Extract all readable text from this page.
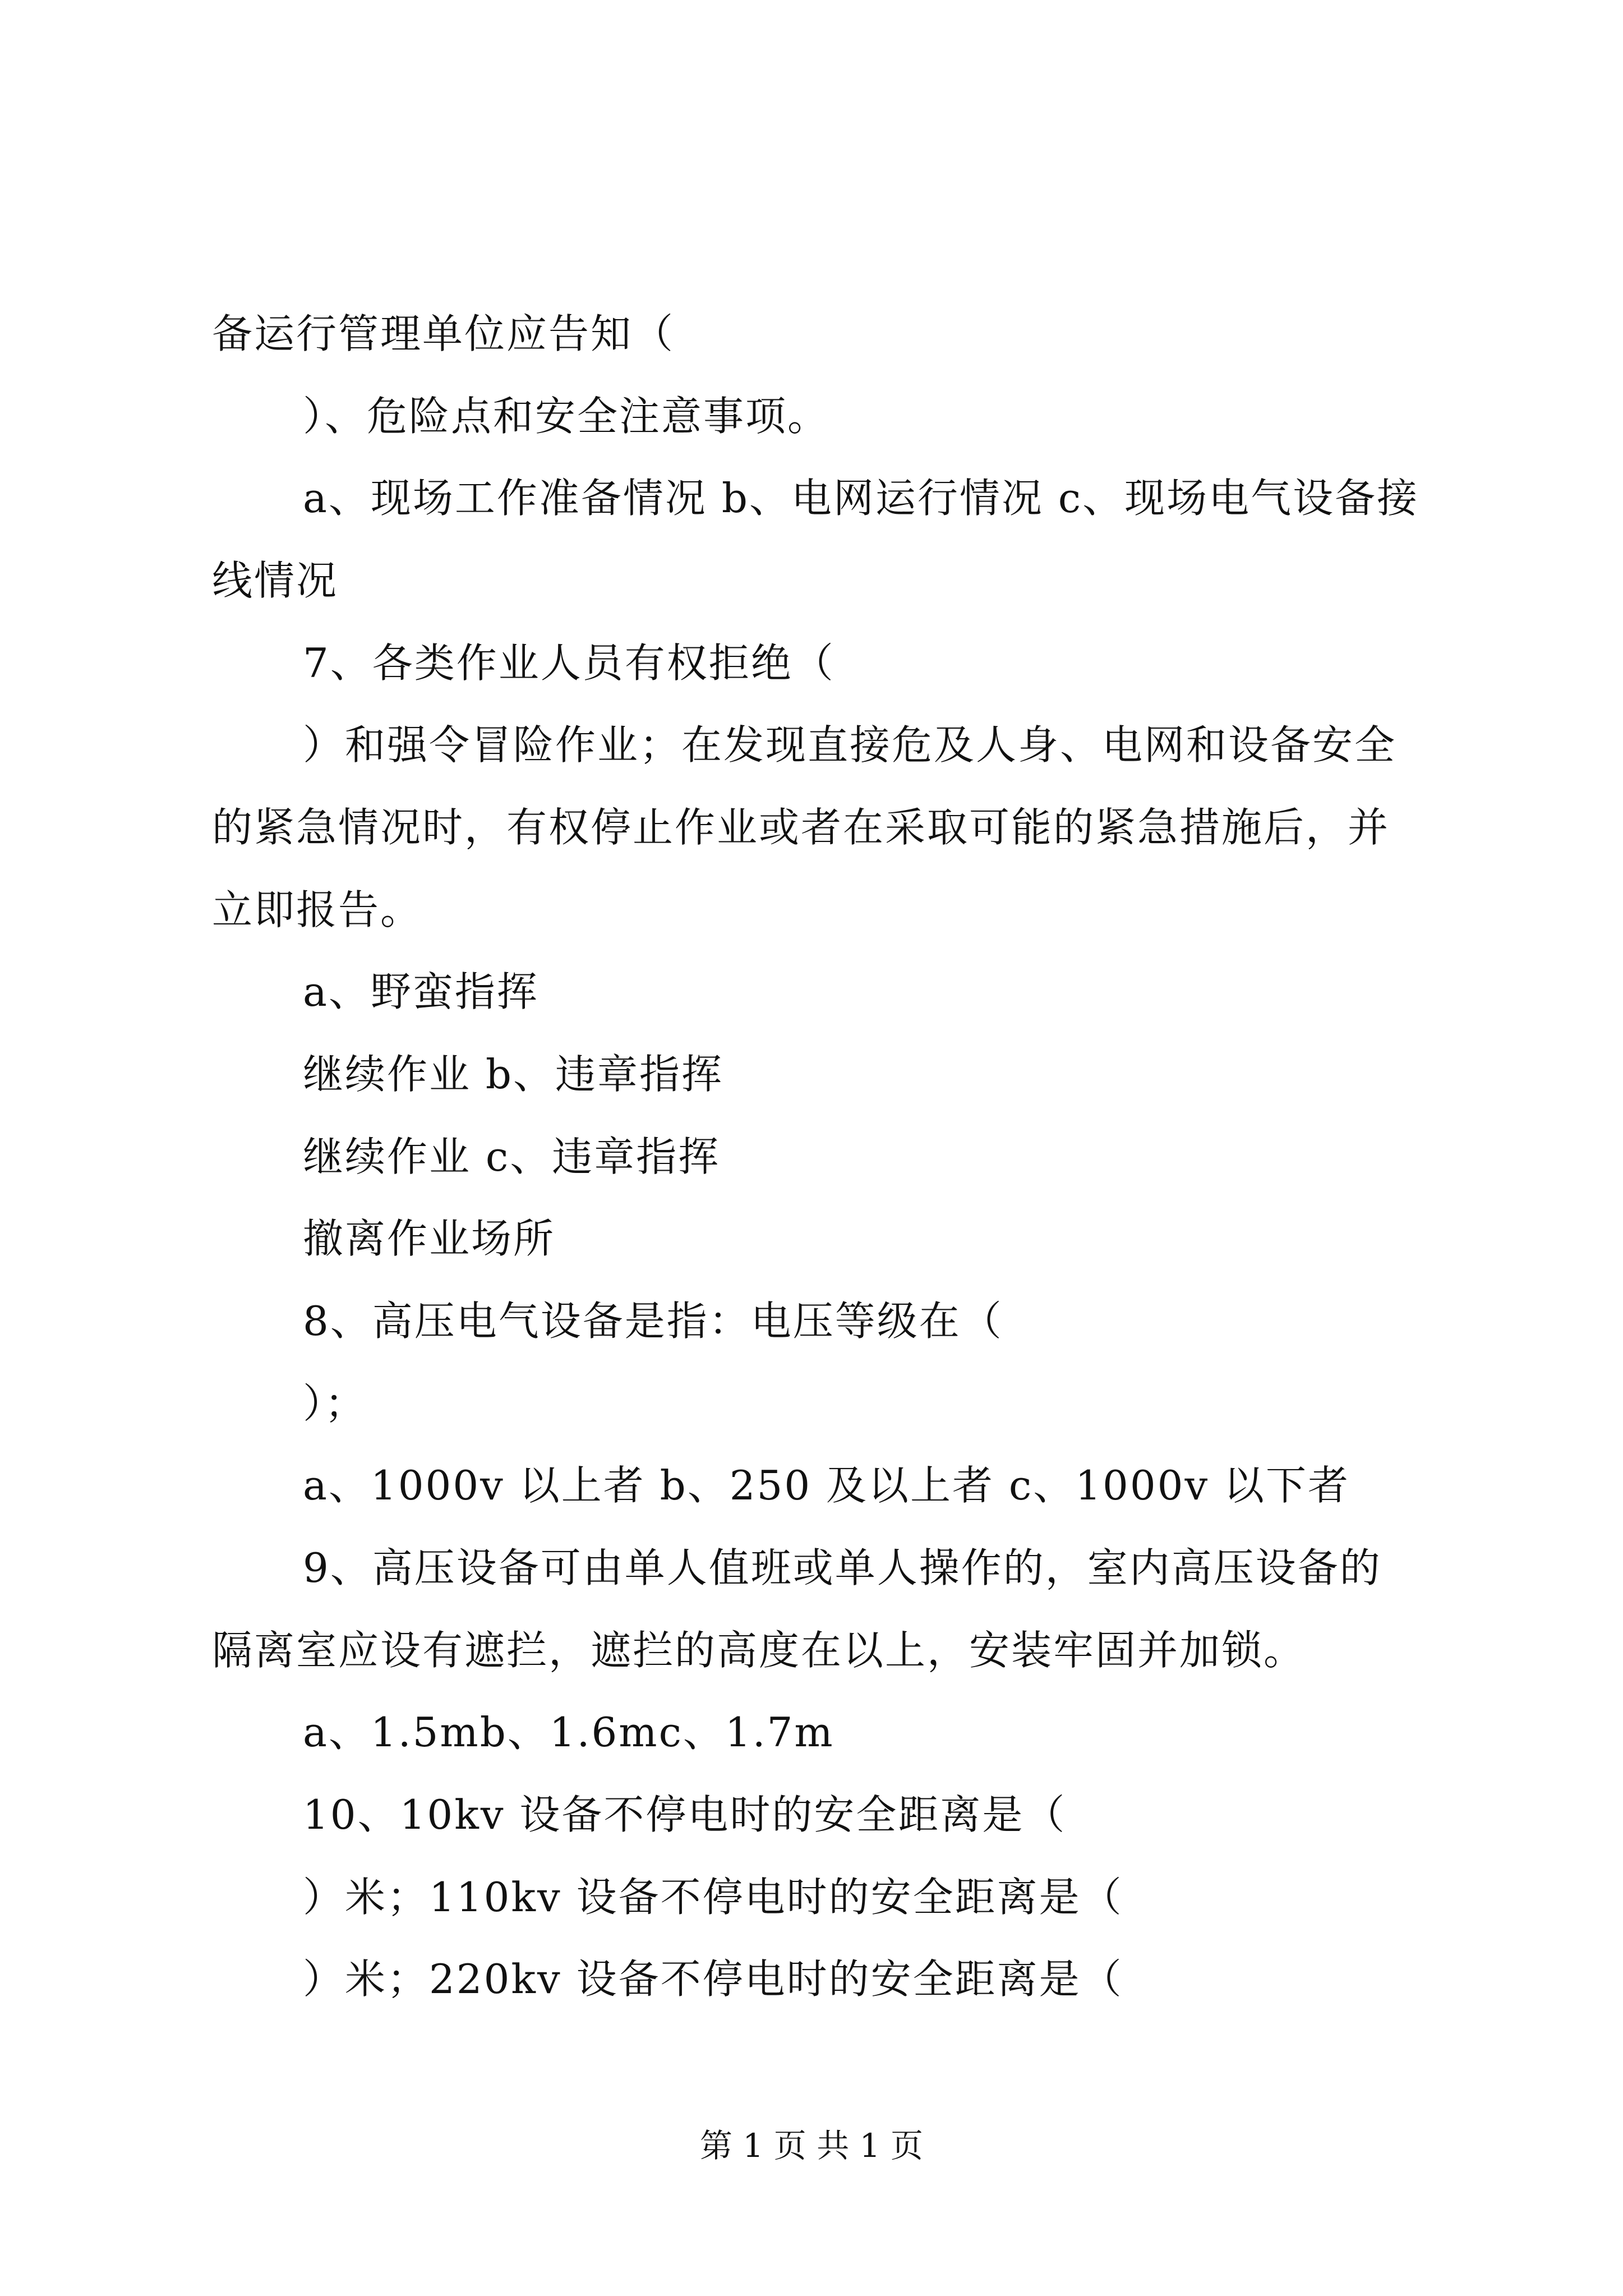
备运行管理单位应告知（
）、危险点和安全注意事项。
a、现场工作准备情况 b、电网运行情况 c、现场电气设备接
线情况
7、各类作业人员有权拒绝（
）和强令冒险作业；在发现直接危及人身、电网和设备安全
的紧急情况时，有权停止作业或者在采取可能的紧急措施后，并
立即报告。
a、野蛮指挥
继续作业 b、违章指挥
继续作业 c、违章指挥
撤离作业场所
8、高压电气设备是指：电压等级在（
）；
a、1000v 以上者 b、250 及以上者 c、1000v 以下者
9、高压设备可由单人值班或单人操作的，室内高压设备的
隔离室应设有遮拦，遮拦的高度在以上，安装牢固并加锁。
a、1.5mb、1.6mc、1.7m
10、10kv 设备不停电时的安全距离是（
）米；110kv 设备不停电时的安全距离是（
）米；220kv 设备不停电时的安全距离是（
第 1 页 共 1 页
